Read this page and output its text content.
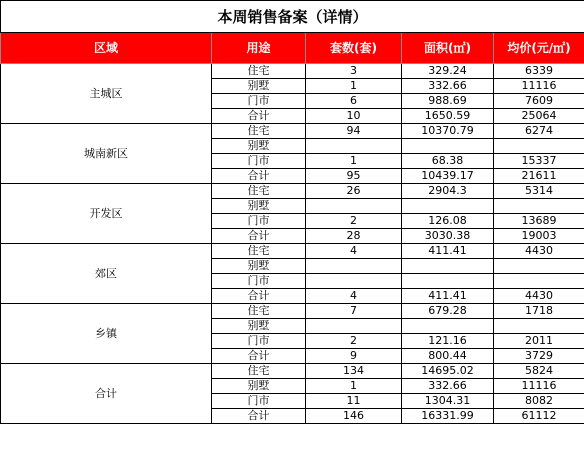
本周销售备案（详情）				
区域	用途	套数(套)	面积(㎡)	均价(元/㎡)
主城区	住宅	3	329.24	6339
	别墅	1	332.66	11116
	门市	6	988.69	7609
	合计	10	1650.59	25064
城南新区	住宅	94	10370.79	6274
	别墅			
	门市	1	68.38	15337
	合计	95	10439.17	21611
开发区	住宅	26	2904.3	5314
	别墅			
	门市	2	126.08	13689
	合计	28	3030.38	19003
郊区	住宅	4	411.41	4430
	别墅			
	门市			
	合计	4	411.41	4430
乡镇	住宅	7	679.28	1718
	别墅			
	门市	2	121.16	2011
	合计	9	800.44	3729
合计	住宅	134	14695.02	5824
	别墅	1	332.66	11116
	门市	11	1304.31	8082
	合计	146	16331.99	61112
